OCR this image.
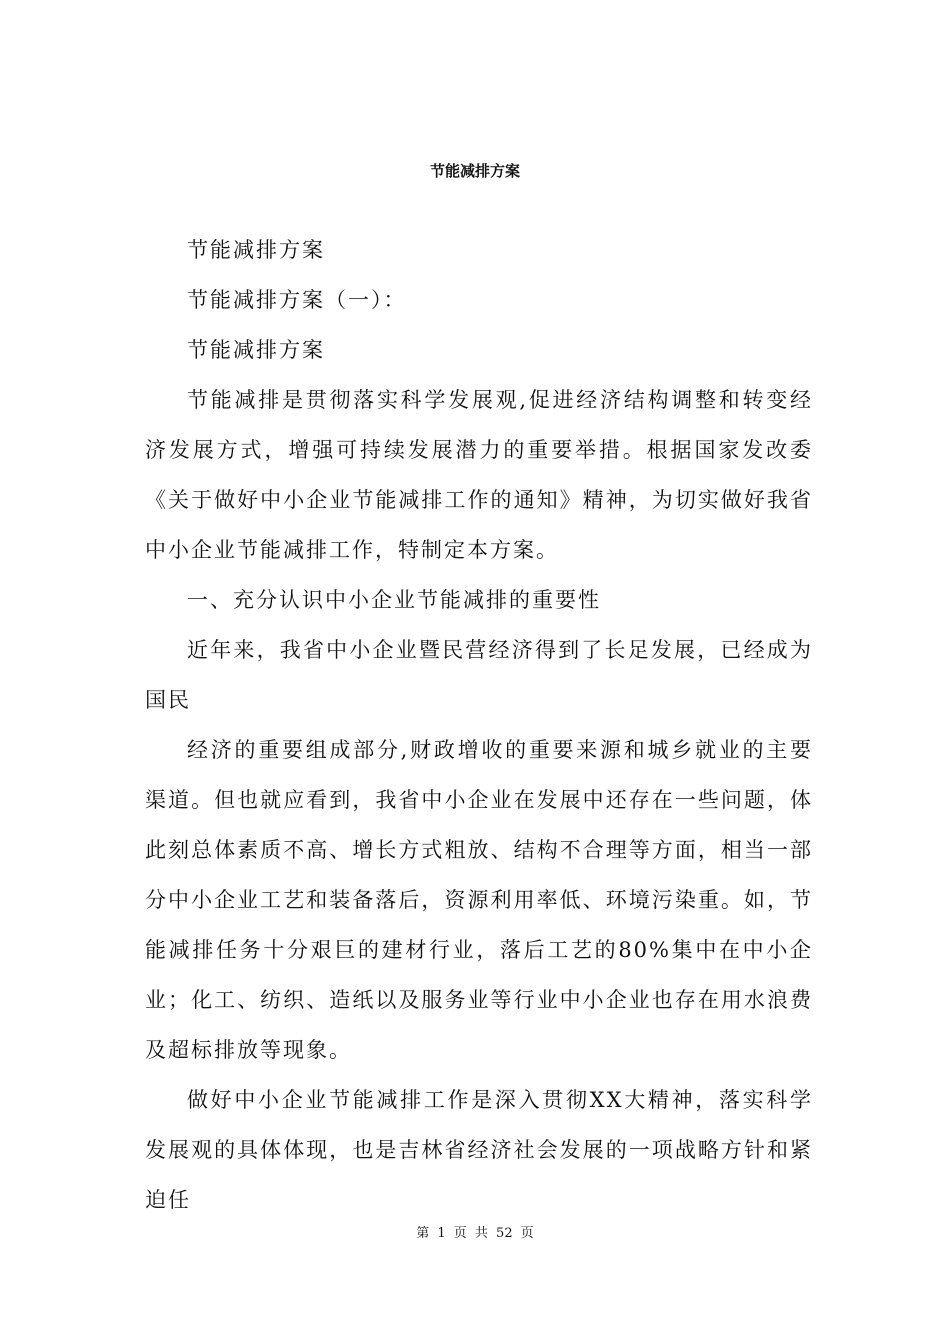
节能减排方案

节能减排方案

节能减排方案（一）：

节能减排方案

节能减排是贯彻落实科学发展观,促进经济结构调整和转变经济发展方式，增强可持续发展潜力的重要举措。根据国家发改委《关于做好中小企业节能减排工作的通知》精神，为切实做好我省中小企业节能减排工作，特制定本方案。

一、充分认识中小企业节能减排的重要性

近年来，我省中小企业暨民营经济得到了长足发展，已经成为国民

经济的重要组成部分,财政增收的重要来源和城乡就业的主要渠道。但也就应看到，我省中小企业在发展中还存在一些问题，体此刻总体素质不高、增长方式粗放、结构不合理等方面，相当一部分中小企业工艺和装备落后，资源利用率低、环境污染重。如，节能减排任务十分艰巨的建材行业，落后工艺的80%集中在中小企业；化工、纺织、造纸以及服务业等行业中小企业也存在用水浪费及超标排放等现象。

做好中小企业节能减排工作是深入贯彻XX大精神，落实科学发展观的具体体现，也是吉林省经济社会发展的一项战略方针和紧迫任

第 1 页 共 52 页
